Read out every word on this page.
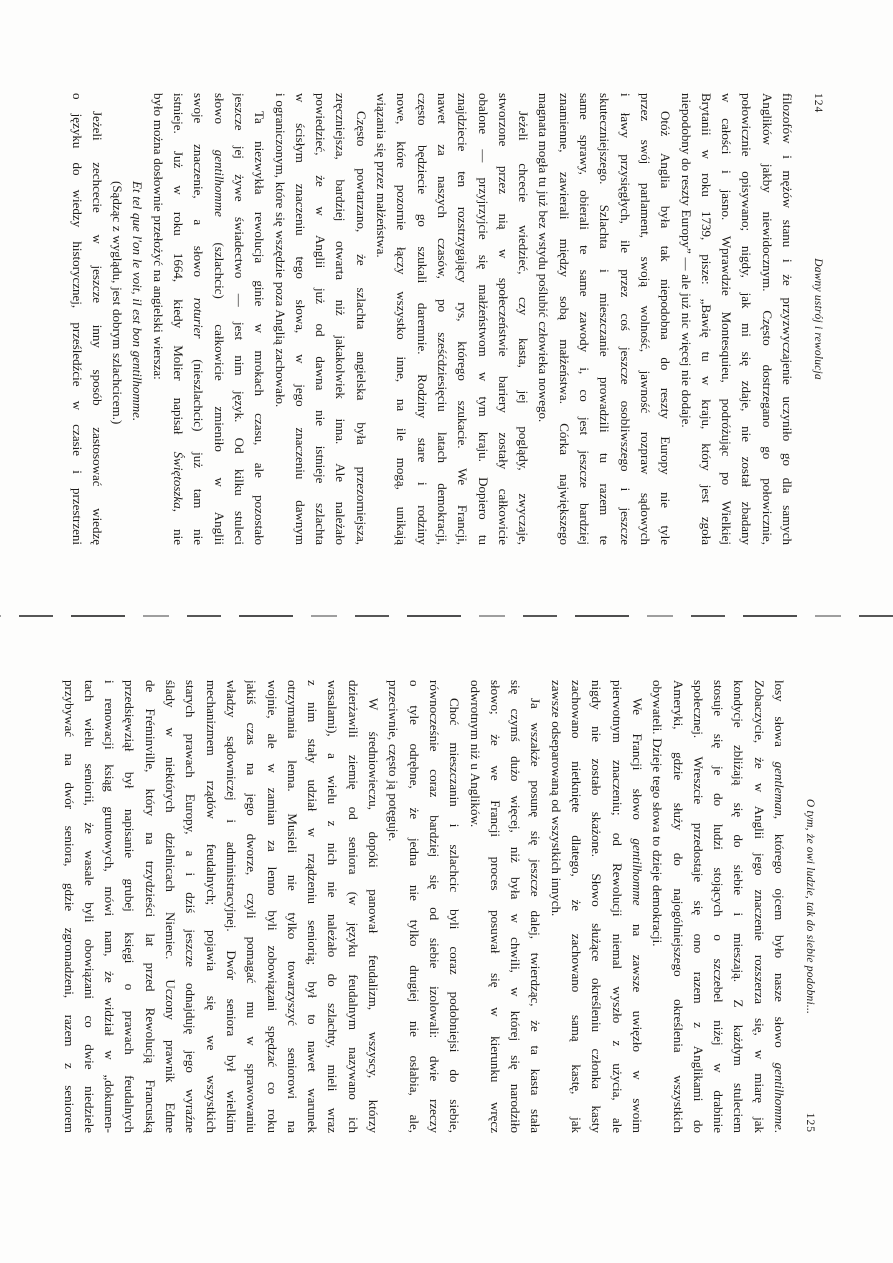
124
Dawny ustrój i rewolucja
filozofów i mężów stanu i że przyzwyczajenie uczyniło go dla samych
Anglików jakby niewidocznym. Często dostrzegano go połowicznie,
połowicznie opisywano; nigdy, jak mi się zdaje, nie został zbadany
w całości i jasno. Wprawdzie Montesquieu, podróżując po Wielkiej
Brytanii w roku 1739, pisze: „Bawię tu w kraju, który jest zgoła
niepodobny do reszty Europy” — ale już nic więcej nie dodaje.
Otóż Anglia była tak niepodobna do reszty Europy nie tyle
przez swój parlament, swoją wolność, jawność rozpraw sądowych
i ławy przysięgłych, ile przez coś jeszcze osobliwszego i jeszcze
skuteczniejszego. Szlachta i mieszczanie prowadzili tu razem te
same sprawy, obierali te same zawody i, co jest jeszcze bardziej
znamienne, zawierali między sobą małżeństwa. Córka największego
magnata mogła tu już bez wstydu poślubić człowieka nowego.
Jeżeli chcecie wiedzieć, czy kasta, jej poglądy, zwyczaje,
stworzone przez nią w społeczeństwie bariery zostały całkowicie
obalone — przyjrzyjcie się małżeństwom w tym kraju. Dopiero tu
znajdziecie ten rozstrzygający rys, którego szukacie. We Francji,
nawet za naszych czasów, po sześćdziesięciu latach demokracji,
często będziecie go szukali daremnie. Rodziny stare i rodziny
nowe, które pozornie łączy wszystko inne, na ile mogą, unikają
wiązania się przez małżeństwa.
Często powtarzano, że szlachta angielska była przezorniejsza,
zręczniejsza, bardziej otwarta niż jakakolwiek inna. Ale należało
powiedzieć, że w Anglii już od dawna nie istnieje szlachta
w ścisłym znaczeniu tego słowa, w jego znaczeniu dawnym
i ograniczonym, które się wszędzie poza Anglią zachowało.
Ta niezwykła rewolucja ginie w mrokach czasu, ale pozostało
jeszcze jej żywe świadectwo — jest nim język. Od kilku stuleci
słowo gentilhomme (szlachcic) całkowicie zmieniło w Anglii
swoje znaczenie, a słowo roturier (nieszlachcic) już tam nie
istnieje. Już w roku 1664, kiedy Molier napisał Świętoszka, nie
było można dosłownie przełożyć na angielski wiersza:
Et tel que l'on le voit, il est bon gentilhomme.
(Sądząc z wyglądu, jest dobrym szlachcicem.)
Jeżeli zechcecie w jeszcze inny sposób zastosować wiedzę
o języku do wiedzy historycznej, prześledźcie w czasie i przestrzeni
O tym, że owi ludzie, tak do siebie podobni...
125
losy słowa gentleman, którego ojcem było nasze słowo gentilhomme.
Zobaczycie, że w Anglii jego znaczenie rozszerza się, w miarę jak
kondycje zbliżają się do siebie i mieszają. Z każdym stuleciem
stosuje się je do ludzi stojących o szczebel niżej w drabinie
społecznej. Wreszcie przedostaje się ono razem z Anglikami do
Ameryki, gdzie służy do najogólniejszego określenia wszystkich
obywateli. Dzieje tego słowa to dzieje demokracji.
We Francji słowo gentilhomme na zawsze uwięzło w swoim
pierwotnym znaczeniu; od Rewolucji niemal wyszło z użycia, ale
nigdy nie zostało skażone. Słowo służące określeniu członka kasty
zachowano nietknięte dlatego, że zachowano samą kastę, jak
zawsze odseparowaną od wszystkich innych.
Ja wszakże posunę się jeszcze dalej, twierdząc, że ta kasta stała
się czymś dużo więcej, niż była w chwili, w której się narodziło
słowo; że we Francji proces posuwał się w kierunku wręcz
odwrotnym niż u Anglików.
Choć mieszczanin i szlachcic byli coraz podobniejsi do siebie,
równocześnie coraz bardziej się od siebie izolowali: dwie rzeczy
o tyle odrębne, że jedna nie tylko drugiej nie osłabia, ale,
przeciwnie, często ją potęguje.
W średniowieczu, dopóki panował feudalizm, wszyscy, którzy
dzierżawili ziemię od seniora (w języku feudalnym nazywano ich
wasalami), a wielu z nich nie należało do szlachty, mieli wraz
z nim stały udział w rządzeniu seniorią; był to nawet warunek
otrzymania lenna. Musieli nie tylko towarzyszyć seniorowi na
wojnie, ale w zamian za lenno byli zobowiązani spędzać co roku
jakiś czas na jego dworze, czyli pomagać mu w sprawowaniu
władzy sądowniczej i administracyjnej. Dwór seniora był wielkim
mechanizmem rządów feudalnych; pojawia się we wszystkich
starych prawach Europy, a i dziś jeszcze odnajduję jego wyraźne
ślady w niektórych dzielnicach Niemiec. Uczony prawnik Edme
de Fréminville, który na trzydzieści lat przed Rewolucją Francuską
przedsięwziął był napisanie grubej księgi o prawach feudalnych
i renowacji ksiąg gruntowych, mówi nam, że widział w „dokumen-
tach wielu seniorii, że wasale byli obowiązani co dwie niedziele
przybywać na dwór seniora, gdzie zgromadzeni, razem z seniorem
